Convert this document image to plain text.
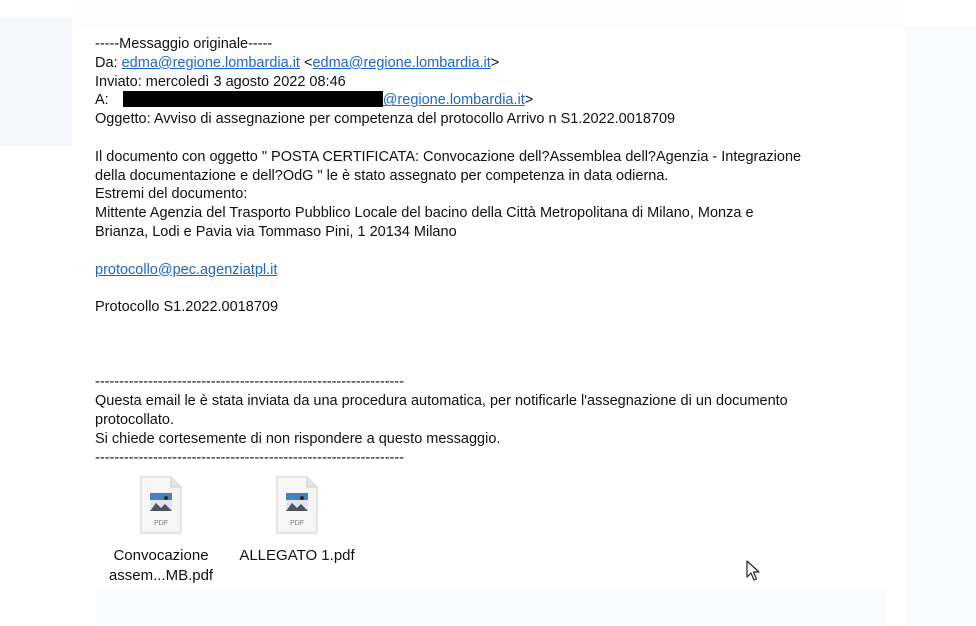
-----Messaggio originale-----
Da: edma@regione.lombardia.it <edma@regione.lombardia.it>
Inviato: mercoledì 3 agosto 2022 08:46
A:	@regione.lombardia.it>
Oggetto: Avviso di assegnazione per competenza del protocollo Arrivo n S1.2022.0018709
Il documento con oggetto " POSTA CERTIFICATA: Convocazione dell?Assemblea dell?Agenzia - Integrazione
della documentazione e dell?OdG " le è stato assegnato per competenza in data odierna.
Estremi del documento:
Mittente Agenzia del Trasporto Pubblico Locale del bacino della Città Metropolitana di Milano, Monza e
Brianza, Lodi e Pavia via Tommaso Pini, 1 20134 Milano
protocollo@pec.agenziatpl.it
Protocollo S1.2022.0018709
----------------------------------------------------------------
Questa email le è stata inviata da una procedura automatica, per notificarle l'assegnazione di un documento
protocollato.
Si chiede cortesemente di non rispondere a questo messaggio.
----------------------------------------------------------------
PDF
Convocazione
assem...MB.pdf
PDF
ALLEGATO 1.pdf
